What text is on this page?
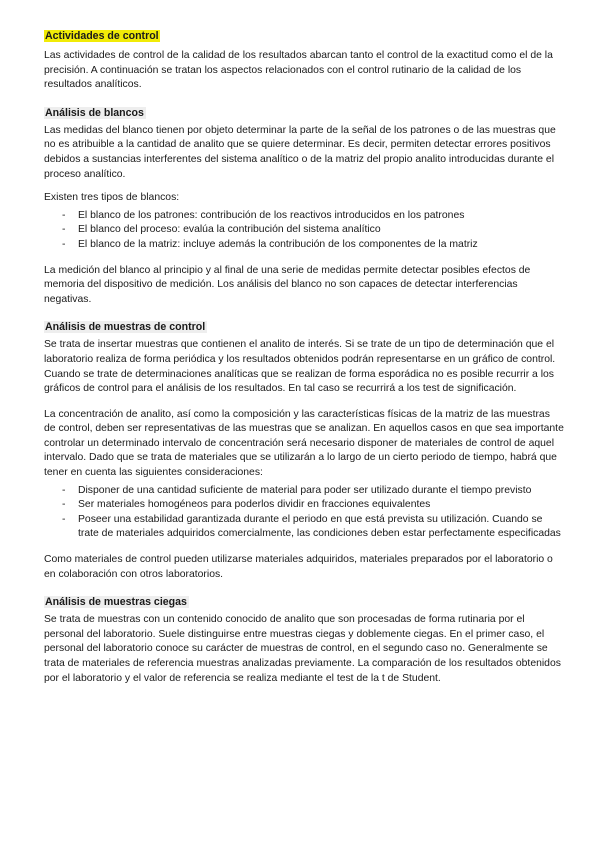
Actividades de control

Las actividades de control de la calidad de los resultados abarcan tanto el control de la exactitud como el de la precisión. A continuación se tratan los aspectos relacionados con el control rutinario de la calidad de los resultados analíticos.

Análisis de blancos

Las medidas del blanco tienen por objeto determinar la parte de la señal de los patrones o de las muestras que no es atribuible a la cantidad de analito que se quiere determinar. Es decir, permiten detectar errores positivos debidos a sustancias interferentes del sistema analítico o de la matriz del propio analito introducidas durante el proceso analítico.

Existen tres tipos de blancos:

- El blanco de los patrones: contribución de los reactivos introducidos en los patrones
- El blanco del proceso: evalúa la contribución del sistema analítico
- El blanco de la matriz: incluye además la contribución de los componentes de la matriz

La medición del blanco al principio y al final de una serie de medidas permite detectar posibles efectos de memoria del dispositivo de medición. Los análisis del blanco no son capaces de detectar interferencias negativas.

Análisis de muestras de control

Se trata de insertar muestras que contienen el analito de interés. Si se trate de un tipo de determinación que el laboratorio realiza de forma periódica y los resultados obtenidos podrán representarse en un gráfico de control.

Cuando se trate de determinaciones analíticas que se realizan de forma esporádica no es posible recurrir a los gráficos de control para el análisis de los resultados. En tal caso se recurrirá a los test de significación.

La concentración de analito, así como la composición y las características físicas de la matriz de las muestras de control, deben ser representativas de las muestras que se analizan. En aquellos casos en que sea importante controlar un determinado intervalo de concentración será necesario disponer de materiales de control de aquel intervalo. Dado que se trata de materiales que se utilizarán a lo largo de un cierto periodo de tiempo, habrá que tener en cuenta las siguientes consideraciones:

- Disponer de una cantidad suficiente de material para poder ser utilizado durante el tiempo previsto
- Ser materiales homogéneos para poderlos dividir en fracciones equivalentes
- Poseer una estabilidad garantizada durante el periodo en que está prevista su utilización. Cuando se trate de materiales adquiridos comercialmente, las condiciones deben estar perfectamente especificadas

Como materiales de control pueden utilizarse materiales adquiridos, materiales preparados por el laboratorio o en colaboración con otros laboratorios.

Análisis de muestras ciegas

Se trata de muestras con un contenido conocido de analito que son procesadas de forma rutinaria por el personal del laboratorio. Suele distinguirse entre muestras ciegas y doblemente ciegas. En el primer caso, el personal del laboratorio conoce su carácter de muestras de control, en el segundo caso no. Generalmente se trata de materiales de referencia muestras analizadas previamente. La comparación de los resultados obtenidos por el laboratorio y el valor de referencia se realiza mediante el test de la t de Student.
